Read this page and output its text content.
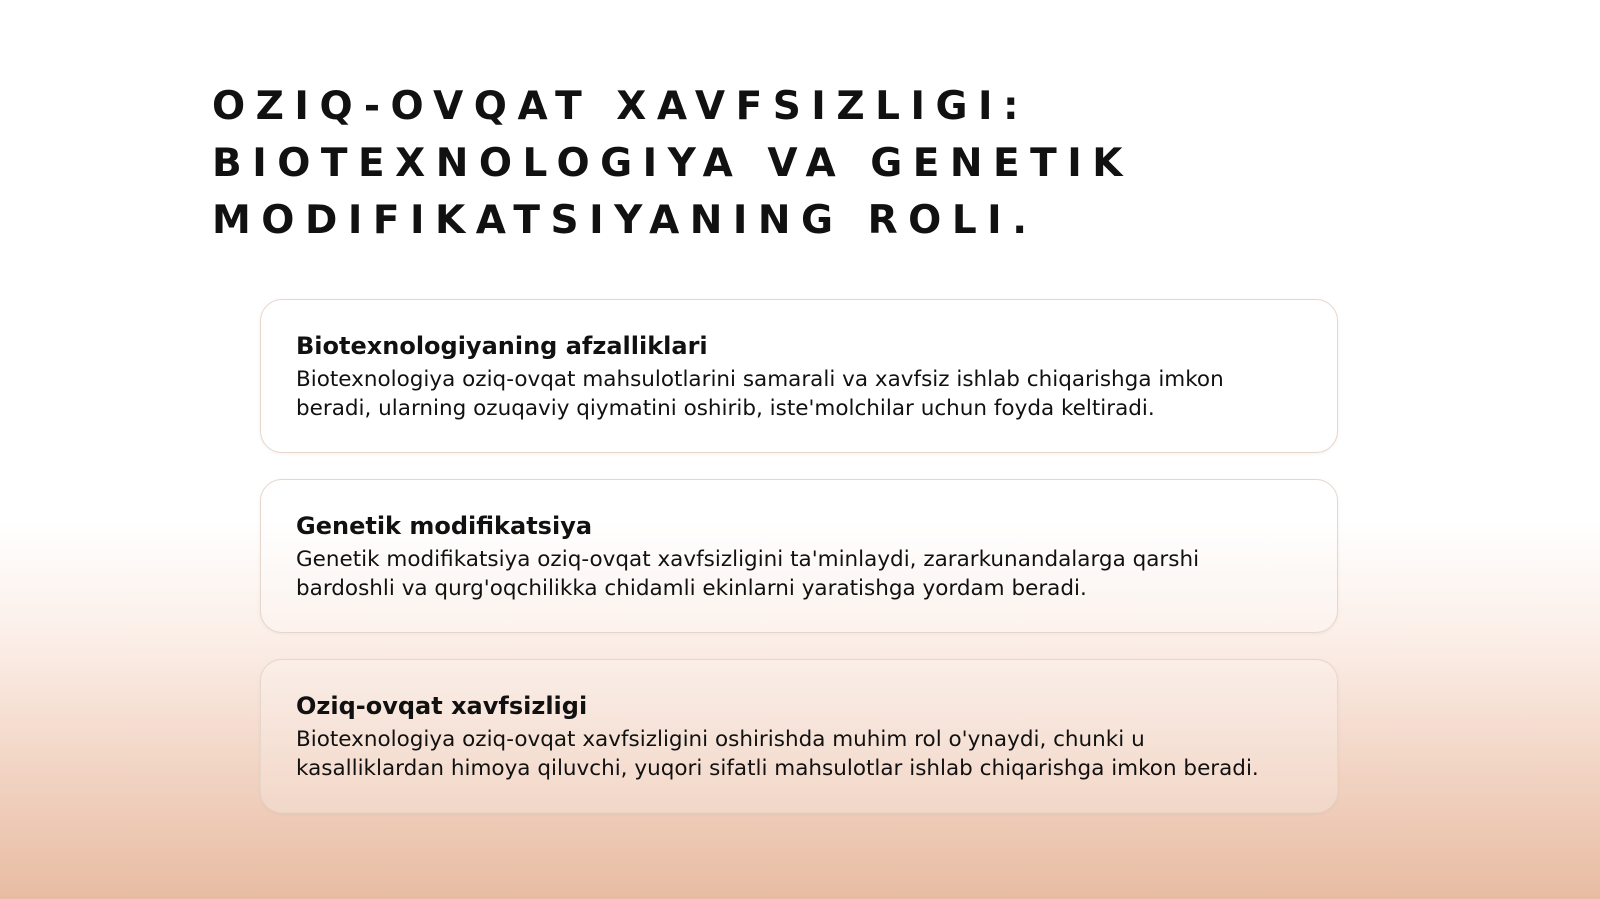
OZIQ-OVQAT XAVFSIZLIGI:
BIOTEXNOLOGIYA VA GENETIK
MODIFIKATSIYANING ROLI.
Biotexnologiyaning afzalliklari

Biotexnologiya oziq-ovqat mahsulotlarini samarali va xavfsiz ishlab chiqarishga imkon
beradi, ularning ozuqaviy qiymatini oshirib, iste'molchilar uchun foyda keltiradi.

Genetik modifikatsiya

Genetik modifikatsiya oziq-ovqat xavfsizligini ta'minlaydi, zararkunandalarga qarshi
bardoshli va qurg'oqchilikka chidamli ekinlarni yaratishga yordam beradi.

Oziq-ovqat xavfsizligi

Biotexnologiya oziq-ovqat xavfsizligini oshirishda muhim rol o'ynaydi, chunki u
kasalliklardan himoya qiluvchi, yuqori sifatli mahsulotlar ishlab chiqarishga imkon beradi.
